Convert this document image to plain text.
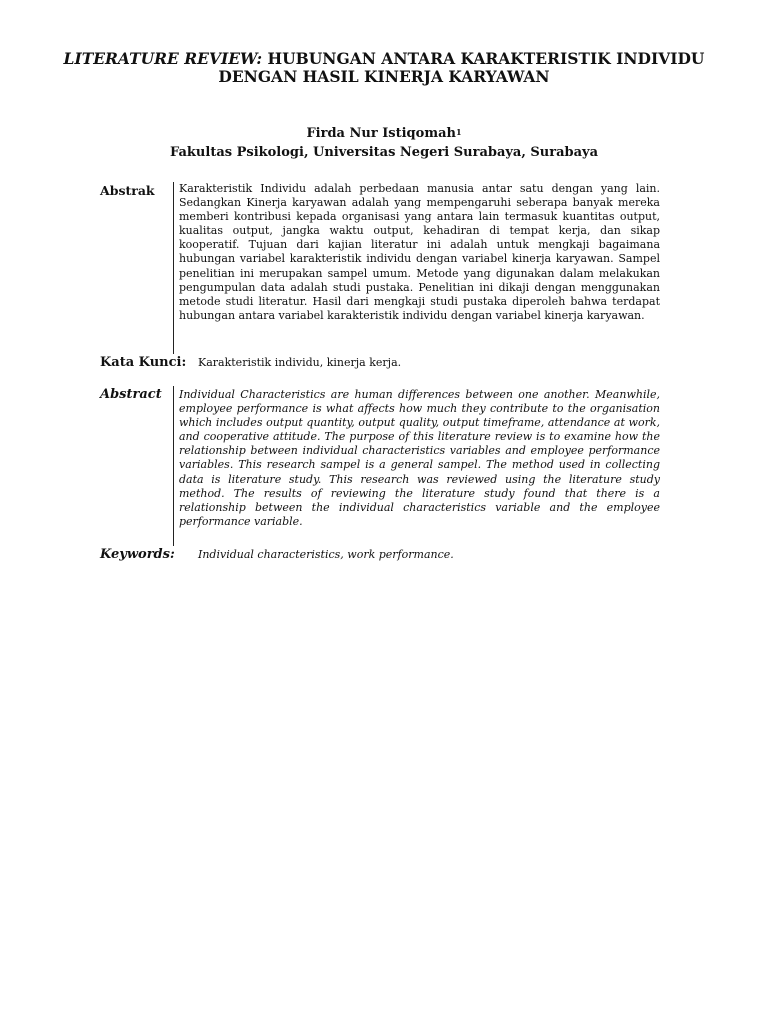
LITERATURE REVIEW: HUBUNGAN ANTARA KARAKTERISTIK INDIVIDU
DENGAN HASIL KINERJA KARYAWAN
Firda Nur Istiqomah$^1$
Fakultas Psikologi, Universitas Negeri Surabaya, Surabaya
Abstrak Karakteristik Individu adalah perbedaan manusia antar satu dengan yang lain. Sedangkan Kinerja karyawan adalah yang mempengaruhi seberapa banyak mereka memberi kontribusi kepada organisasi yang antara lain termasuk kuantitas output, kualitas output, jangka waktu output, kehadiran di tempat kerja, dan sikap kooperatif. Tujuan dari kajian literatur ini adalah untuk mengkaji bagaimana hubungan variabel karakteristik individu dengan variabel kinerja karyawan. Sampel penelitian ini merupakan sampel umum. Metode yang digunakan dalam melakukan pengumpulan data adalah studi pustaka. Penelitian ini dikaji dengan menggunakan metode studi literatur. Hasil dari mengkaji studi pustaka diperoleh bahwa terdapat hubungan antara variabel karakteristik individu dengan variabel kinerja karyawan.
Kata Kunci: Karakteristik individu, kinerja kerja.
Abstract Individual Characteristics are human differences between one another. Meanwhile, employee performance is what affects how much they contribute to the organisation which includes output quantity, output quality, output timeframe, attendance at work, and cooperative attitude. The purpose of this literature review is to examine how the relationship between individual characteristics variables and employee performance variables. This research sampel is a general sampel. The method used in collecting data is literature study. This research was reviewed using the literature study method. The results of reviewing the literature study found that there is a relationship between the individual characteristics variable and the employee performance variable.
Keywords: Individual characteristics, work performance.
